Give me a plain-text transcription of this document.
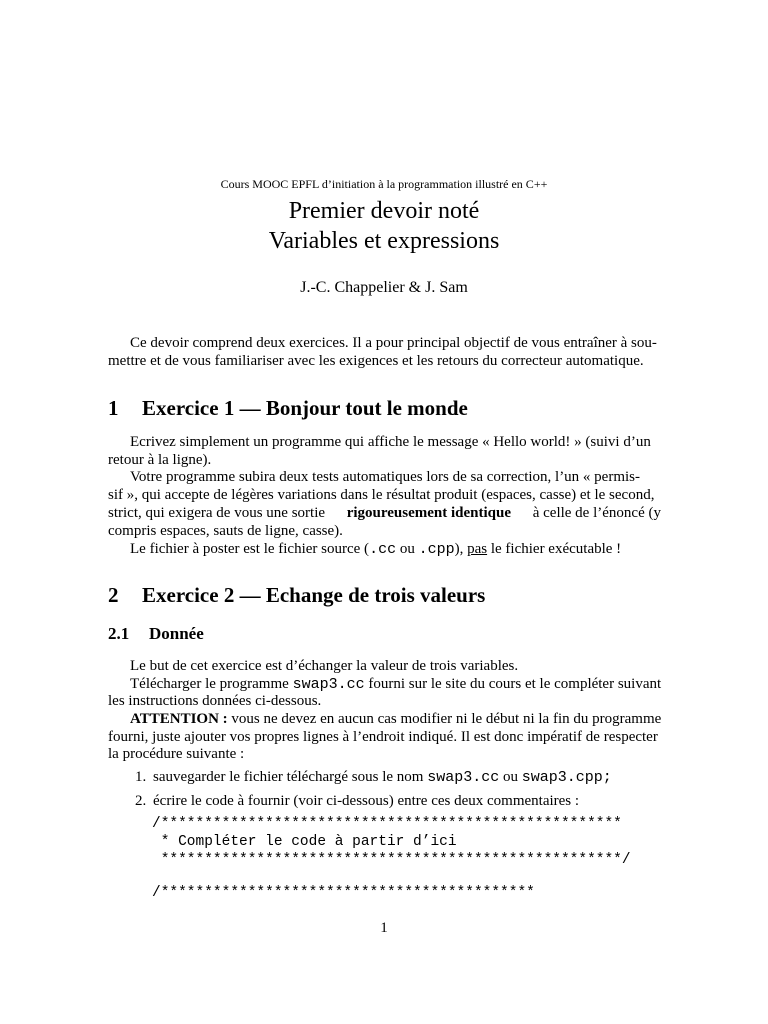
Cours MOOC EPFL d’initiation à la programmation illustré en C++
Premier devoir noté
Variables et expressions
J.-C. Chappelier & J. Sam
Ce devoir comprend deux exercices. Il a pour principal objectif de vous entraîner à sou-
mettre et de vous familiariser avec les exigences et les retours du correcteur automatique.
1 Exercice 1 — Bonjour tout le monde
Ecrivez simplement un programme qui affiche le message « Hello world! » (suivi d’un
retour à la ligne).
Votre programme subira deux tests automatiques lors de sa correction, l’un « permis-
sif », qui accepte de légères variations dans le résultat produit (espaces, casse) et le second,
strict, qui exigera de vous une sortie rigoureusement identique à celle de l’énoncé (y
compris espaces, sauts de ligne, casse).
Le fichier à poster est le fichier source (.cc ou .cpp), pas le fichier exécutable !
2 Exercice 2 — Echange de trois valeurs
2.1 Donnée
Le but de cet exercice est d’échanger la valeur de trois variables.
Télécharger le programme swap3.cc fourni sur le site du cours et le compléter suivant
les instructions données ci-dessous.
ATTENTION : vous ne devez en aucun cas modifier ni le début ni la fin du programme
fourni, juste ajouter vos propres lignes à l’endroit indiqué. Il est donc impératif de respecter
la procédure suivante :
1. sauvegarder le fichier téléchargé sous le nom swap3.cc ou swap3.cpp;
2. écrire le code à fournir (voir ci-dessous) entre ces deux commentaires :
/*****************************************************
* Compléter le code à partir d’ici
*****************************************************/
/*******************************************
1
